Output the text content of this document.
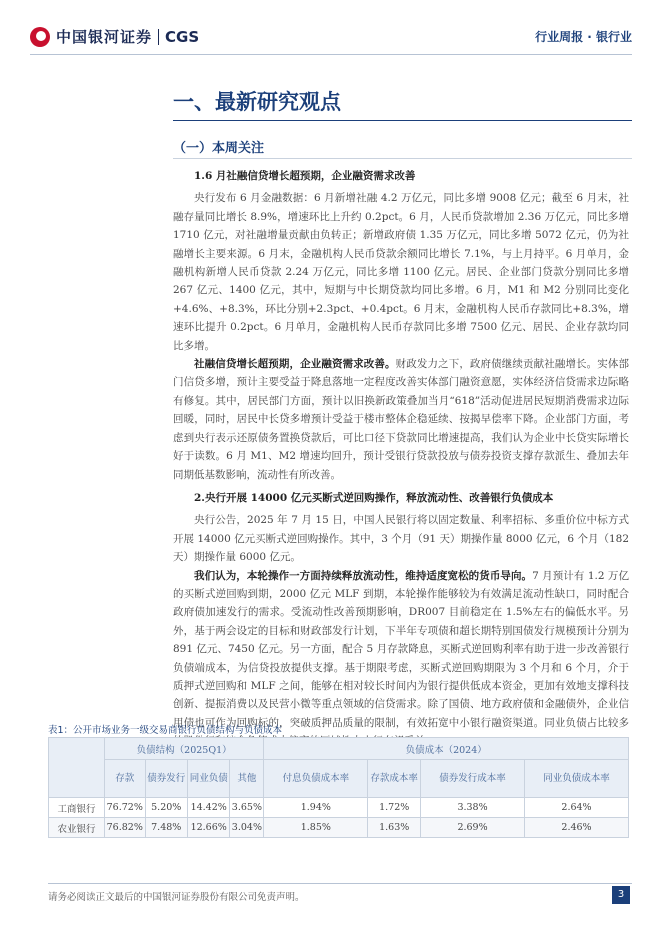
中国银河证券 CGS	行业周报 · 银行业
一、最新研究观点
（一）本周关注

1.6 月社融信贷增长超预期，企业融资需求改善

央行发布 6 月金融数据：6 月新增社融 4.2 万亿元，同比多增 9008 亿元；截至 6 月末，社融存量同比增长 8.9%，增速环比上升约 0.2pct。6 月，人民币贷款增加 2.36 万亿元，同比多增 1710 亿元，对社融增量贡献由负转正；新增政府债 1.35 万亿元，同比多增 5072 亿元，仍为社融增长主要来源。6 月末，金融机构人民币贷款余额同比增长 7.1%，与上月持平。6 月单月，金融机构新增人民币贷款 2.24 万亿元，同比多增 1100 亿元。居民、企业部门贷款分别同比多增 267 亿元、1400 亿元，其中，短期与中长期贷款均同比多增。6 月，M1 和 M2 分别同比变化+4.6%、+8.3%，环比分别+2.3pct、+0.4pct。6 月末，金融机构人民币存款同比+8.3%，增速环比提升 0.2pct。6 月单月，金融机构人民币存款同比多增 7500 亿元、居民、企业存款均同比多增。

社融信贷增长超预期，企业融资需求改善。财政发力之下，政府债继续贡献社融增长。实体部门信贷多增，预计主要受益于降息落地一定程度改善实体部门融资意愿，实体经济信贷需求边际略有修复。其中，居民部门方面，预计以旧换新政策叠加当月“618”活动促进居民短期消费需求边际回暖，同时，居民中长贷多增预计受益于楼市整体企稳延续、按揭早偿率下降。企业部门方面，考虑到央行表示还原债务置换贷款后，可比口径下贷款同比增速提高，我们认为企业中长贷实际增长好于读数。6 月 M1、M2 增速均回升，预计受银行贷款投放与债券投资支撑存款派生、叠加去年同期低基数影响，流动性有所改善。

2.央行开展 14000 亿元买断式逆回购操作，释放流动性、改善银行负债成本

央行公告，2025 年 7 月 15 日，中国人民银行将以固定数量、利率招标、多重价位中标方式开展 14000 亿元买断式逆回购操作。其中，3 个月（91 天）期操作量 8000 亿元，6 个月（182 天）期操作量 6000 亿元。

我们认为，本轮操作一方面持续释放流动性，维持适度宽松的货币导向。7 月预计有 1.2 万亿的买断式逆回购到期，2000 亿元 MLF 到期，本轮操作能够较为有效满足流动性缺口，同时配合政府债加速发行的需求。受流动性改善预期影响，DR007 目前稳定在 1.5%左右的偏低水平。另外，基于两会设定的目标和财政部发行计划，下半年专项债和超长期特别国债发行规模预计分别为 891 亿元、7450 亿元。另一方面，配合 5 月存款降息，买断式逆回购利率有助于进一步改善银行负债端成本，为信贷投放提供支撑。基于期限考虑，买断式逆回购期限为 3 个月和 6 个月，介于质押式逆回购和 MLF 之间，能够在相对较长时间内为银行提供低成本资金，更加有效地支撑科技创新、提振消费以及民营小微等重点领域的信贷需求。除了国债、地方政府债和金融债外，企业信用债也可作为回购标的，突破质押品质量的限制，有效拓宽中小银行融资渠道。同业负债占比较多

表1：公开市场业务一级交易商银行负债结构与负债成本
	负债结构（2025Q1）				负债成本（2024）			
	存款	债券发行	同业负债	其他	付息负债成本率	存款成本率	债券发行成本率	同业负债成本率
工商银行	76.72%	5.20%	14.42%	3.65%	1.94%	1.72%	3.38%	2.64%
农业银行	76.82%	7.48%	12.66%	3.04%	1.85%	1.63%	2.69%	2.46%
请务必阅读正文最后的中国银河证券股份有限公司免责声明。	3
